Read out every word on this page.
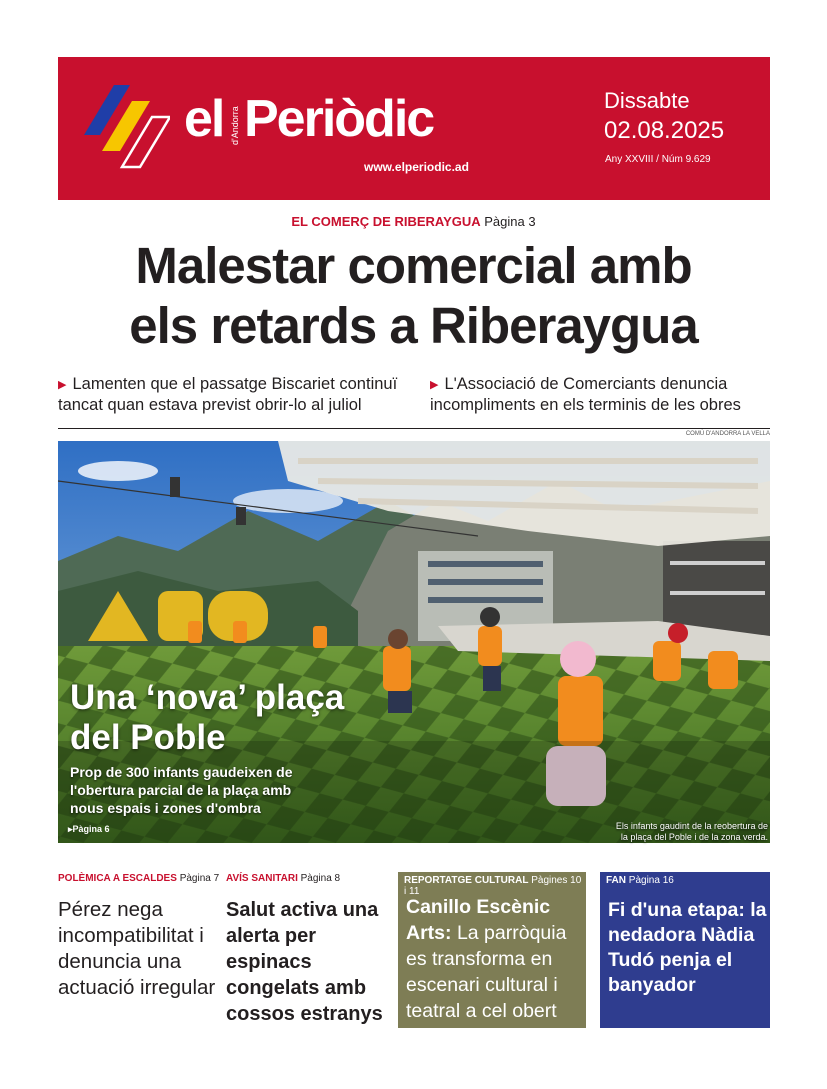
el d'Andorra Periòdic
www.elperiodic.ad
Dissabte
02.08.2025
Any XXVIII / Núm 9.629
EL COMERÇ DE RIBERAYGUA Pàgina 3
Malestar comercial amb
els retards a Riberaygua
▶ Lamenten que el passatge Biscariet continuï tancat quan estava previst obrir-lo al juliol
▶ L'Associació de Comerciants denuncia incompliments en els terminis de les obres
COMÚ D'ANDORRA LA VELLA
Una ‘nova’ plaça
del Poble
Prop de 300 infants gaudeixen de l'obertura parcial de la plaça amb nous espais i zones d'ombra
▸Pàgina 6	Els infants gaudint de la reobertura de
la plaça del Poble i de la zona verda.
POLÈMICA A ESCALDES Pàgina 7
Pérez nega incompatibilitat i denuncia una actuació irregular
AVÍS SANITARI Pàgina 8
Salut activa una alerta per espinacs congelats amb cossos estranys
REPORTATGE CULTURAL Pàgines 10 i 11
Canillo Escènic Arts: La parròquia es transforma en escenari cultural i teatral a cel obert
FAN Pàgina 16
Fi d'una etapa: la nedadora Nàdia Tudó penja el banyador
